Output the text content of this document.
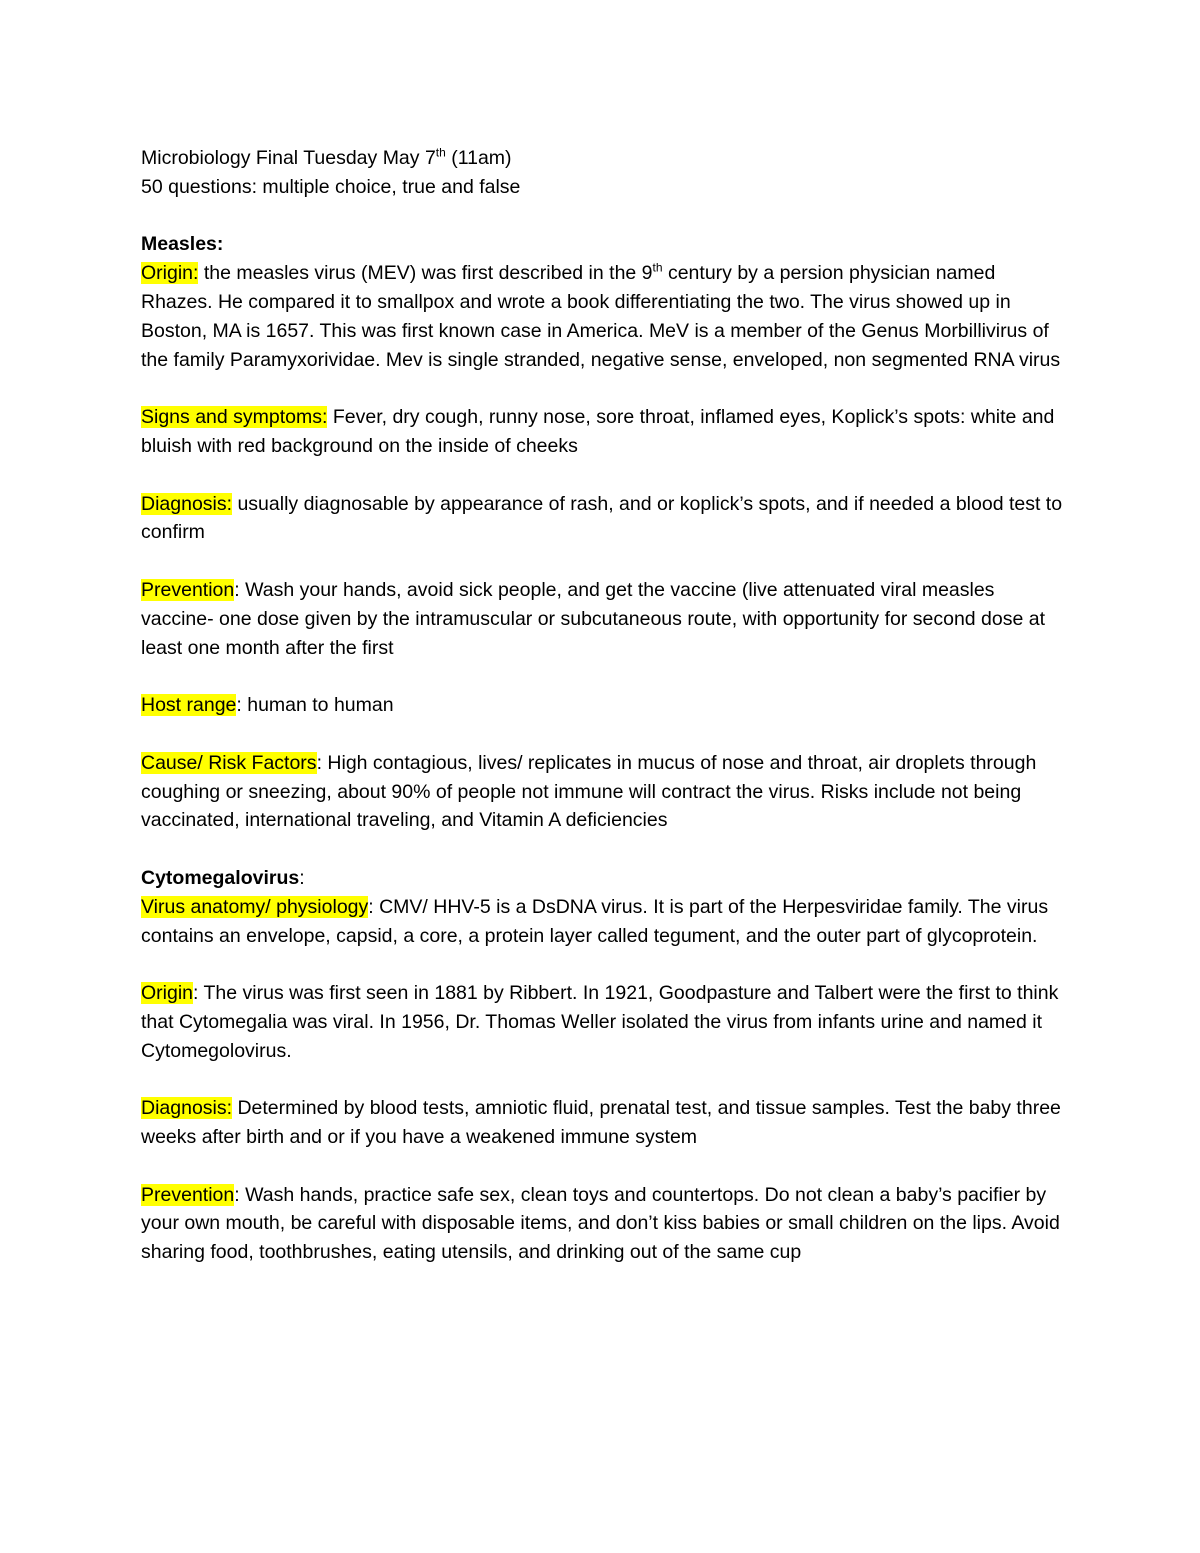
Microbiology Final Tuesday May 7th (11am)

50 questions: multiple choice, true and false

Measles:

Origin: the measles virus (MEV) was first described in the 9th century by a persion physician named Rhazes. He compared it to smallpox and wrote a book differentiating the two. The virus showed up in Boston, MA is 1657. This was first known case in America. MeV is a member of the Genus Morbillivirus of the family Paramyxorividae. Mev is single stranded, negative sense, enveloped, non segmented RNA virus

Signs and symptoms: Fever, dry cough, runny nose, sore throat, inflamed eyes, Koplick’s spots: white and bluish with red background on the inside of cheeks

Diagnosis: usually diagnosable by appearance of rash, and or koplick’s spots, and if needed a blood test to confirm

Prevention: Wash your hands, avoid sick people, and get the vaccine (live attenuated viral measles vaccine- one dose given by the intramuscular or subcutaneous route, with opportunity for second dose at least one month after the first

Host range: human to human

Cause/ Risk Factors: High contagious, lives/ replicates in mucus of nose and throat, air droplets through coughing or sneezing, about 90% of people not immune will contract the virus. Risks include not being vaccinated, international traveling, and Vitamin A deficiencies

Cytomegalovirus:

Virus anatomy/ physiology: CMV/ HHV-5 is a DsDNA virus. It is part of the Herpesviridae family. The virus contains an envelope, capsid, a core, a protein layer called tegument, and the outer part of glycoprotein.

Origin: The virus was first seen in 1881 by Ribbert. In 1921, Goodpasture and Talbert were the first to think that Cytomegalia was viral. In 1956, Dr. Thomas Weller isolated the virus from infants urine and named it Cytomegolovirus.

Diagnosis: Determined by blood tests, amniotic fluid, prenatal test, and tissue samples. Test the baby three weeks after birth and or if you have a weakened immune system

Prevention: Wash hands, practice safe sex, clean toys and countertops. Do not clean a baby’s pacifier by your own mouth, be careful with disposable items, and don’t kiss babies or small children on the lips. Avoid sharing food, toothbrushes, eating utensils, and drinking out of the same cup
